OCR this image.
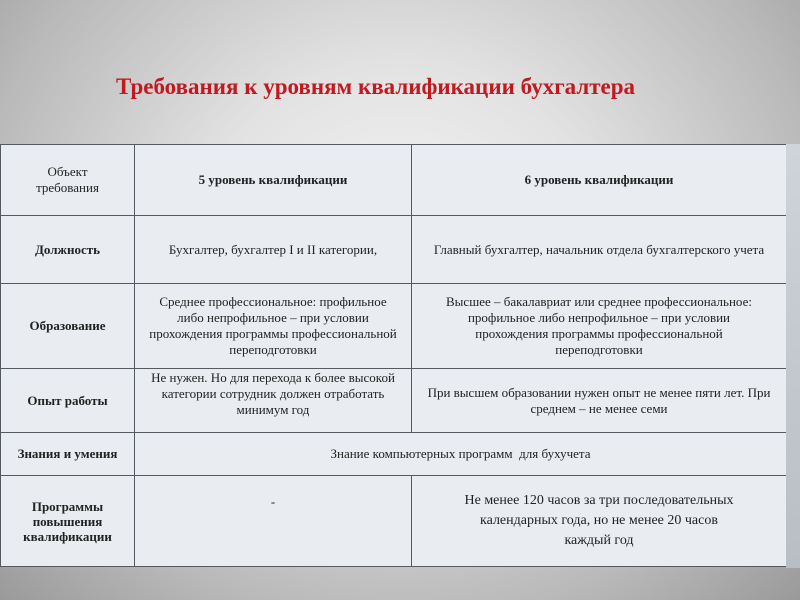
Требования к уровням квалификации бухгалтера
Объект требования	5 уровень квалификации	6 уровень квалификации
Должность	Бухгалтер, бухгалтер I и II категории,	Главный бухгалтер, начальник отдела бухгалтерского учета
Образование	Среднее профессиональное: профильное либо непрофильное – при условии прохождения программы профессиональной переподготовки	Высшее – бакалавриат или среднее профессиональное: профильное либо непрофильное – при условии прохождения программы профессиональной переподготовки
Опыт работы	Не нужен. Но для перехода к более высокой категории сотрудник должен отработать минимум год	При высшем образовании нужен опыт не менее пяти лет. При среднем – не менее семи
Знания и умения	Знание компьютерных программ  для бухучета	
Программы повышения квалификации	-	Не менее 120 часов за три последовательных календарных года, но не менее 20 часов каждый год
